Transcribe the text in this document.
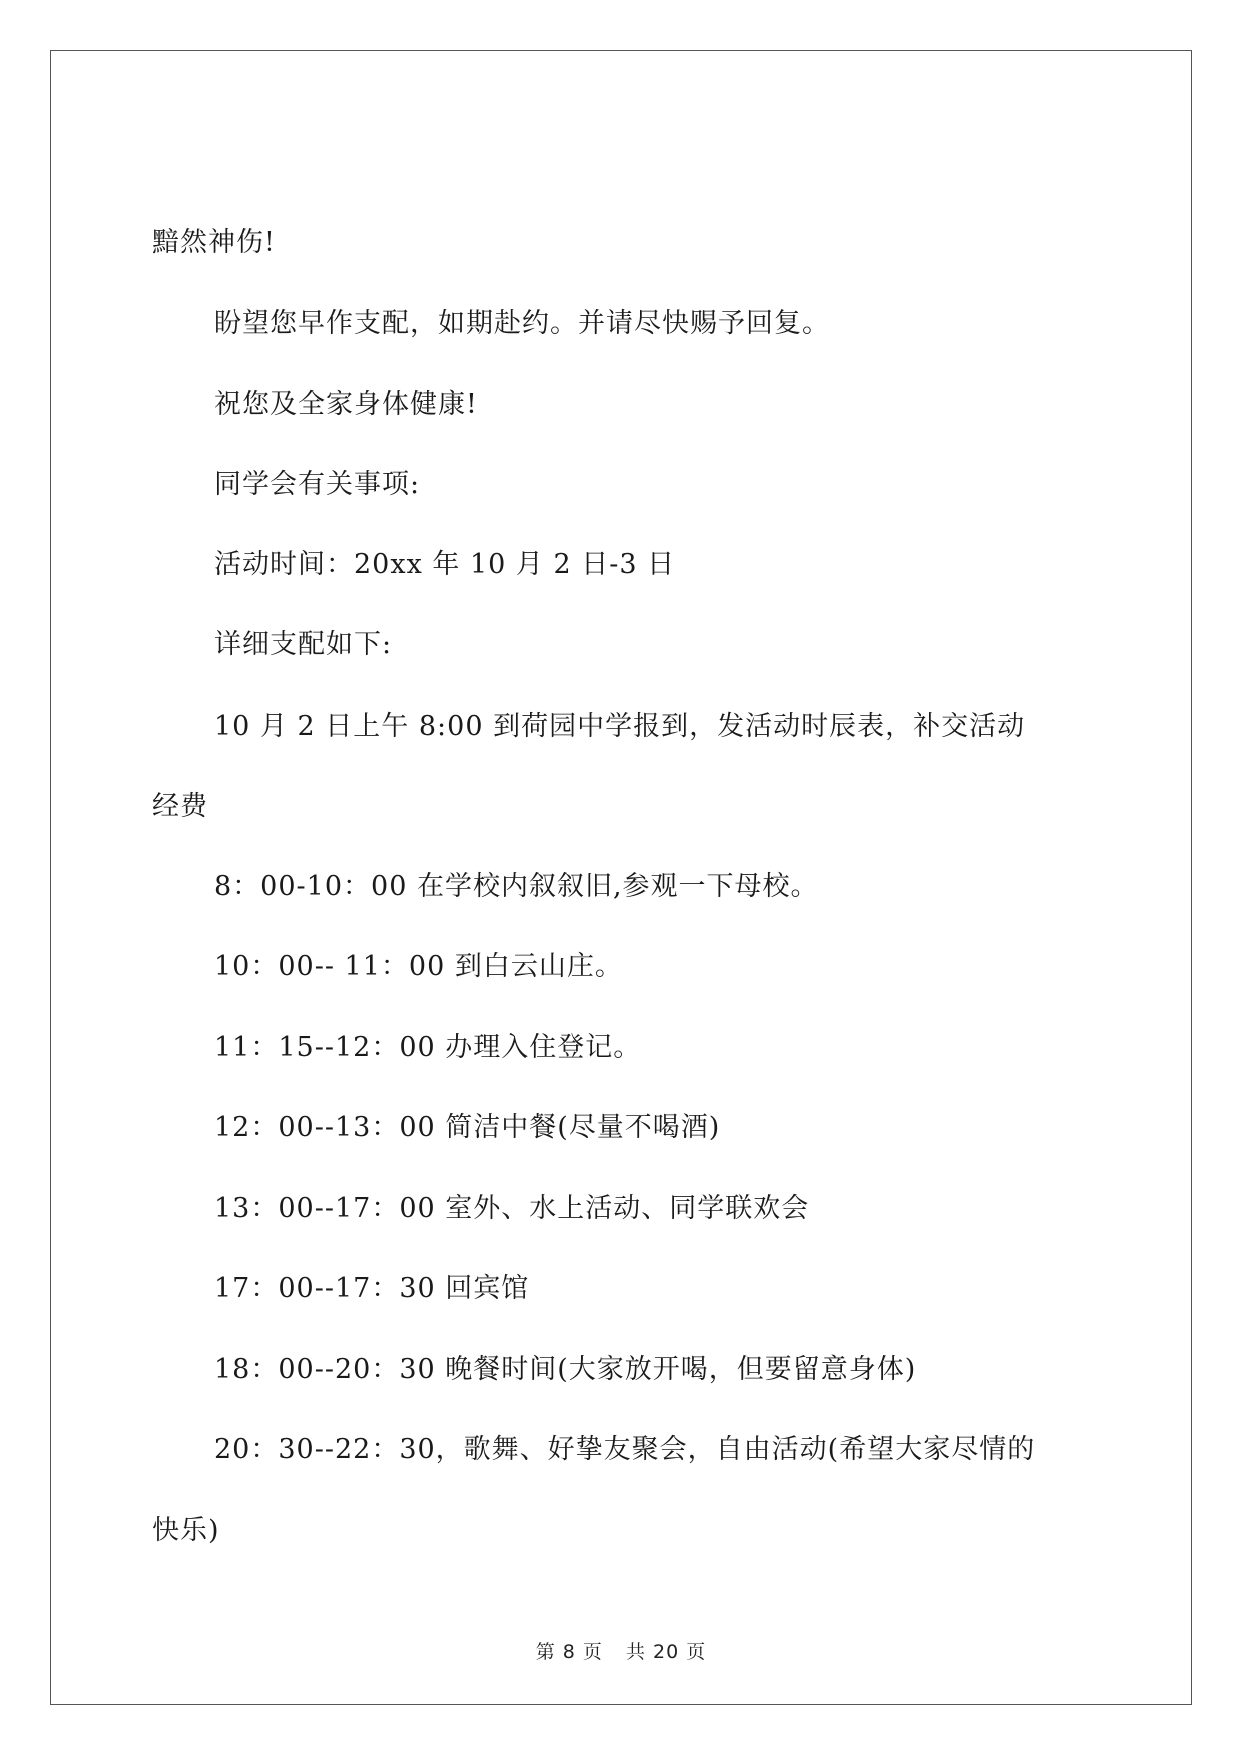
黯然神伤!
盼望您早作支配，如期赴约。并请尽快赐予回复。
祝您及全家身体健康!
同学会有关事项:
活动时间：20xx 年 10 月 2 日-3 日
详细支配如下:
10 月 2 日上午 8:00 到荷园中学报到，发活动时辰表，补交活动
经费
8：00-10：00 在学校内叙叙旧,参观一下母校。
10：00-- 11：00 到白云山庄。
11：15--12：00 办理入住登记。
12：00--13：00 简洁中餐(尽量不喝酒)
13：00--17：00 室外、水上活动、同学联欢会
17：00--17：30 回宾馆
18：00--20：30 晚餐时间(大家放开喝，但要留意身体)
20：30--22：30，歌舞、好挚友聚会，自由活动(希望大家尽情的
快乐)
第 8 页 共 20 页
